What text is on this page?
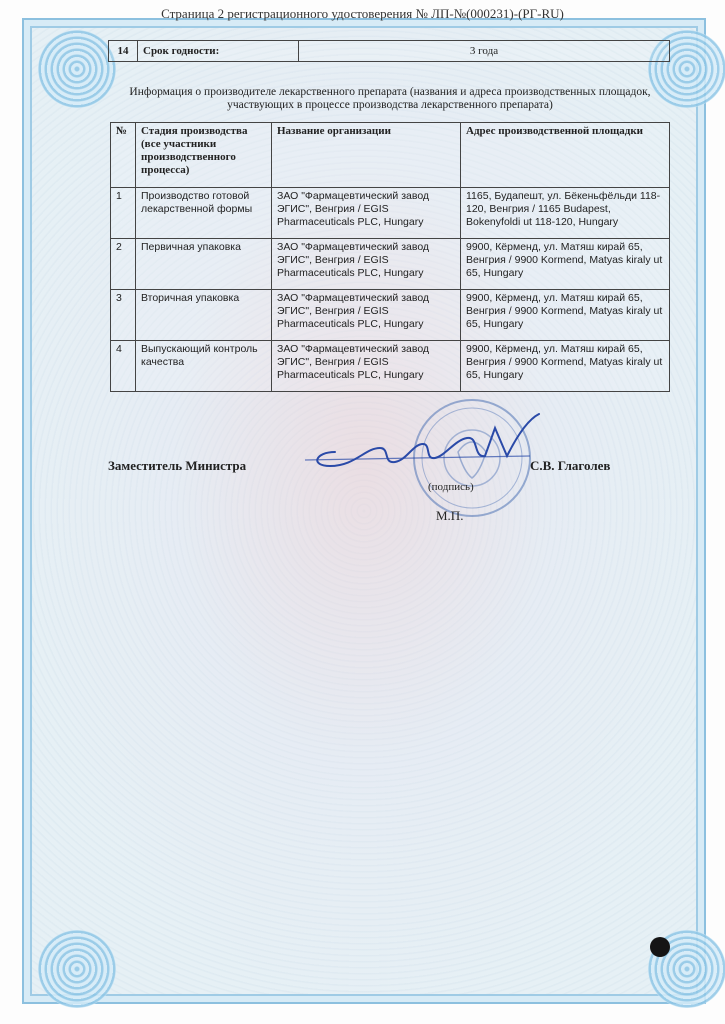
Страница 2 регистрационного удостоверения № ЛП-№(000231)-(РГ-RU)
14	Срок годности:	3 года
Информация о производителе лекарственного препарата (названия и адреса производственных площадок, участвующих в процессе производства лекарственного препарата)
№	Стадия производства (все участники производственного процесса)	Название организации	Адрес производственной площадки
1	Производство готовой лекарственной формы	ЗАО "Фармацевтический завод ЭГИС", Венгрия / EGIS Pharmaceuticals PLC, Hungary	1165, Будапешт, ул. Бёкеньфёльди 118-120, Венгрия / 1165 Budapest, Bokenyfoldi ut 118-120, Hungary
2	Первичная упаковка	ЗАО "Фармацевтический завод ЭГИС", Венгрия / EGIS Pharmaceuticals PLC, Hungary	9900, Кёрменд, ул. Матяш кирай 65, Венгрия / 9900 Kormend, Matyas kiraly ut 65, Hungary
3	Вторичная упаковка	ЗАО "Фармацевтический завод ЭГИС", Венгрия / EGIS Pharmaceuticals PLC, Hungary	9900, Кёрменд, ул. Матяш кирай 65, Венгрия / 9900 Kormend, Matyas kiraly ut 65, Hungary
4	Выпускающий контроль качества	ЗАО "Фармацевтический завод ЭГИС", Венгрия / EGIS Pharmaceuticals PLC, Hungary	9900, Кёрменд, ул. Матяш кирай 65, Венгрия / 9900 Kormend, Matyas kiraly ut 65, Hungary
Заместитель Министра	С.В. Глаголев
(подпись)
М.П.
